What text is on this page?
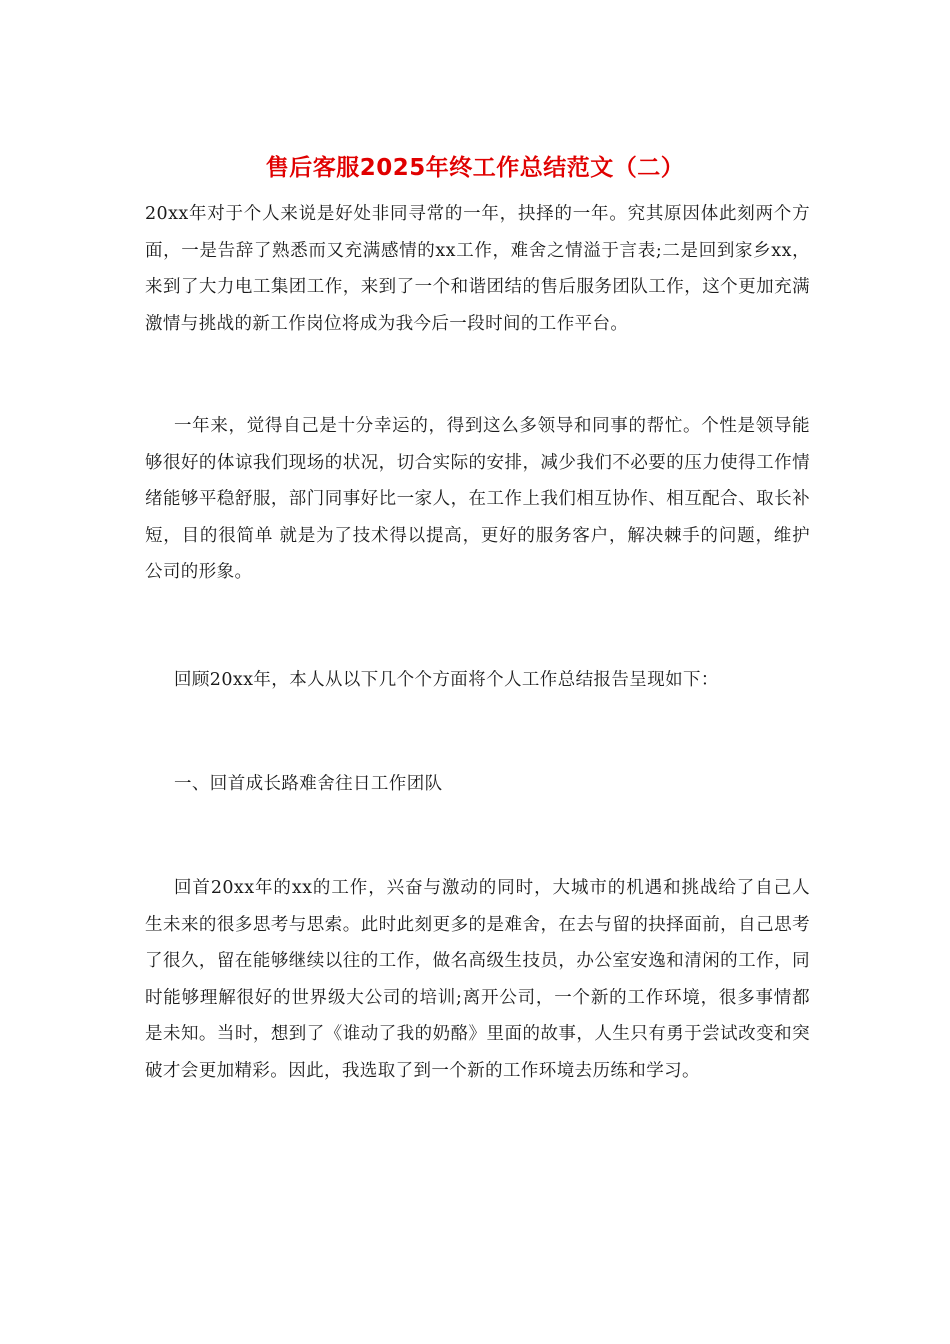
售后客服2025年终工作总结范文（二）

20xx年对于个人来说是好处非同寻常的一年，抉择的一年。究其原因体此刻两个方面，一是告辞了熟悉而又充满感情的xx工作，难舍之情溢于言表;二是回到家乡xx，来到了大力电工集团工作，来到了一个和谐团结的售后服务团队工作，这个更加充满激情与挑战的新工作岗位将成为我今后一段时间的工作平台。

一年来，觉得自己是十分幸运的，得到这么多领导和同事的帮忙。个性是领导能够很好的体谅我们现场的状况，切合实际的安排，减少我们不必要的压力使得工作情绪能够平稳舒服，部门同事好比一家人，在工作上我们相互协作、相互配合、取长补短，目的很简单 就是为了技术得以提高，更好的服务客户，解决棘手的问题，维护公司的形象。

回顾20xx年，本人从以下几个个方面将个人工作总结报告呈现如下：

一、回首成长路难舍往日工作团队

回首20xx年的xx的工作，兴奋与激动的同时，大城市的机遇和挑战给了自己人生未来的很多思考与思索。此时此刻更多的是难舍，在去与留的抉择面前，自己思考了很久，留在能够继续以往的工作，做名高级生技员，办公室安逸和清闲的工作，同时能够理解很好的世界级大公司的培训;离开公司，一个新的工作环境，很多事情都是未知。当时，想到了《谁动了我的奶酪》里面的故事，人生只有勇于尝试改变和突破才会更加精彩。因此，我选取了到一个新的工作环境去历练和学习。
